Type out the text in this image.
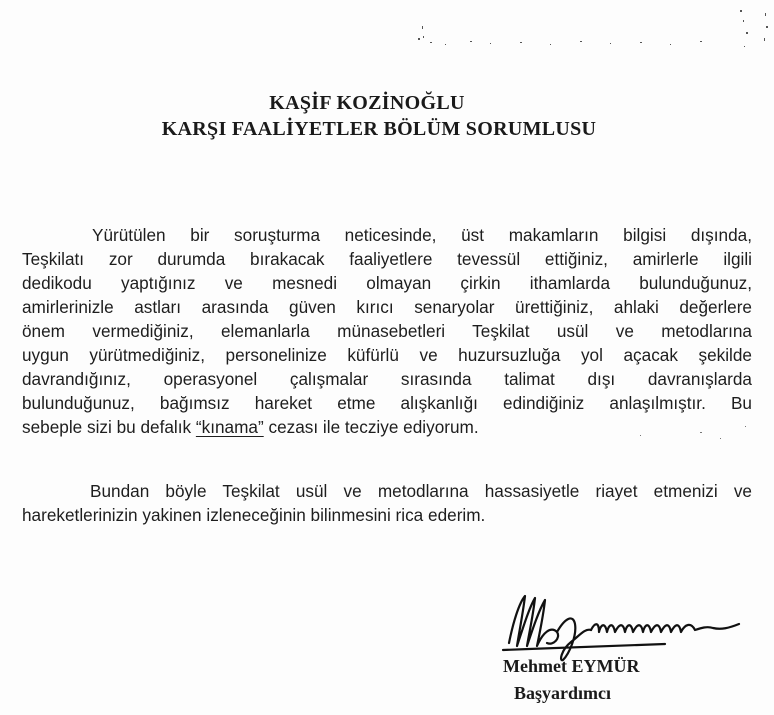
KAŞİF KOZİNOĞLU
KARŞI FAALİYETLER BÖLÜM SORUMLUSU
Yürütülen bir soruşturma neticesinde, üst makamların bilgisi dışında,
Teşkilatı zor durumda bırakacak faaliyetlere tevessül ettiğiniz, amirlerle ilgili
dedikodu yaptığınız ve mesnedi olmayan çirkin ithamlarda bulunduğunuz,
amirlerinizle astları arasında güven kırıcı senaryolar ürettiğiniz, ahlaki değerlere
önem vermediğiniz, elemanlarla münasebetleri Teşkilat usül ve metodlarına
uygun yürütmediğiniz, personelinize küfürlü ve huzursuzluğa yol açacak şekilde
davrandığınız, operasyonel çalışmalar sırasında talimat dışı davranışlarda
bulunduğunuz, bağımsız hareket etme alışkanlığı edindiğiniz anlaşılmıştır. Bu
sebeple sizi bu defalık “kınama” cezası ile tecziye ediyorum.
Bundan böyle Teşkilat usül ve metodlarına hassasiyetle riayet etmenizi ve
hareketlerinizin yakinen izleneceğinin bilinmesini rica ederim.
Mehmet EYMÜR
Başyardımcı
